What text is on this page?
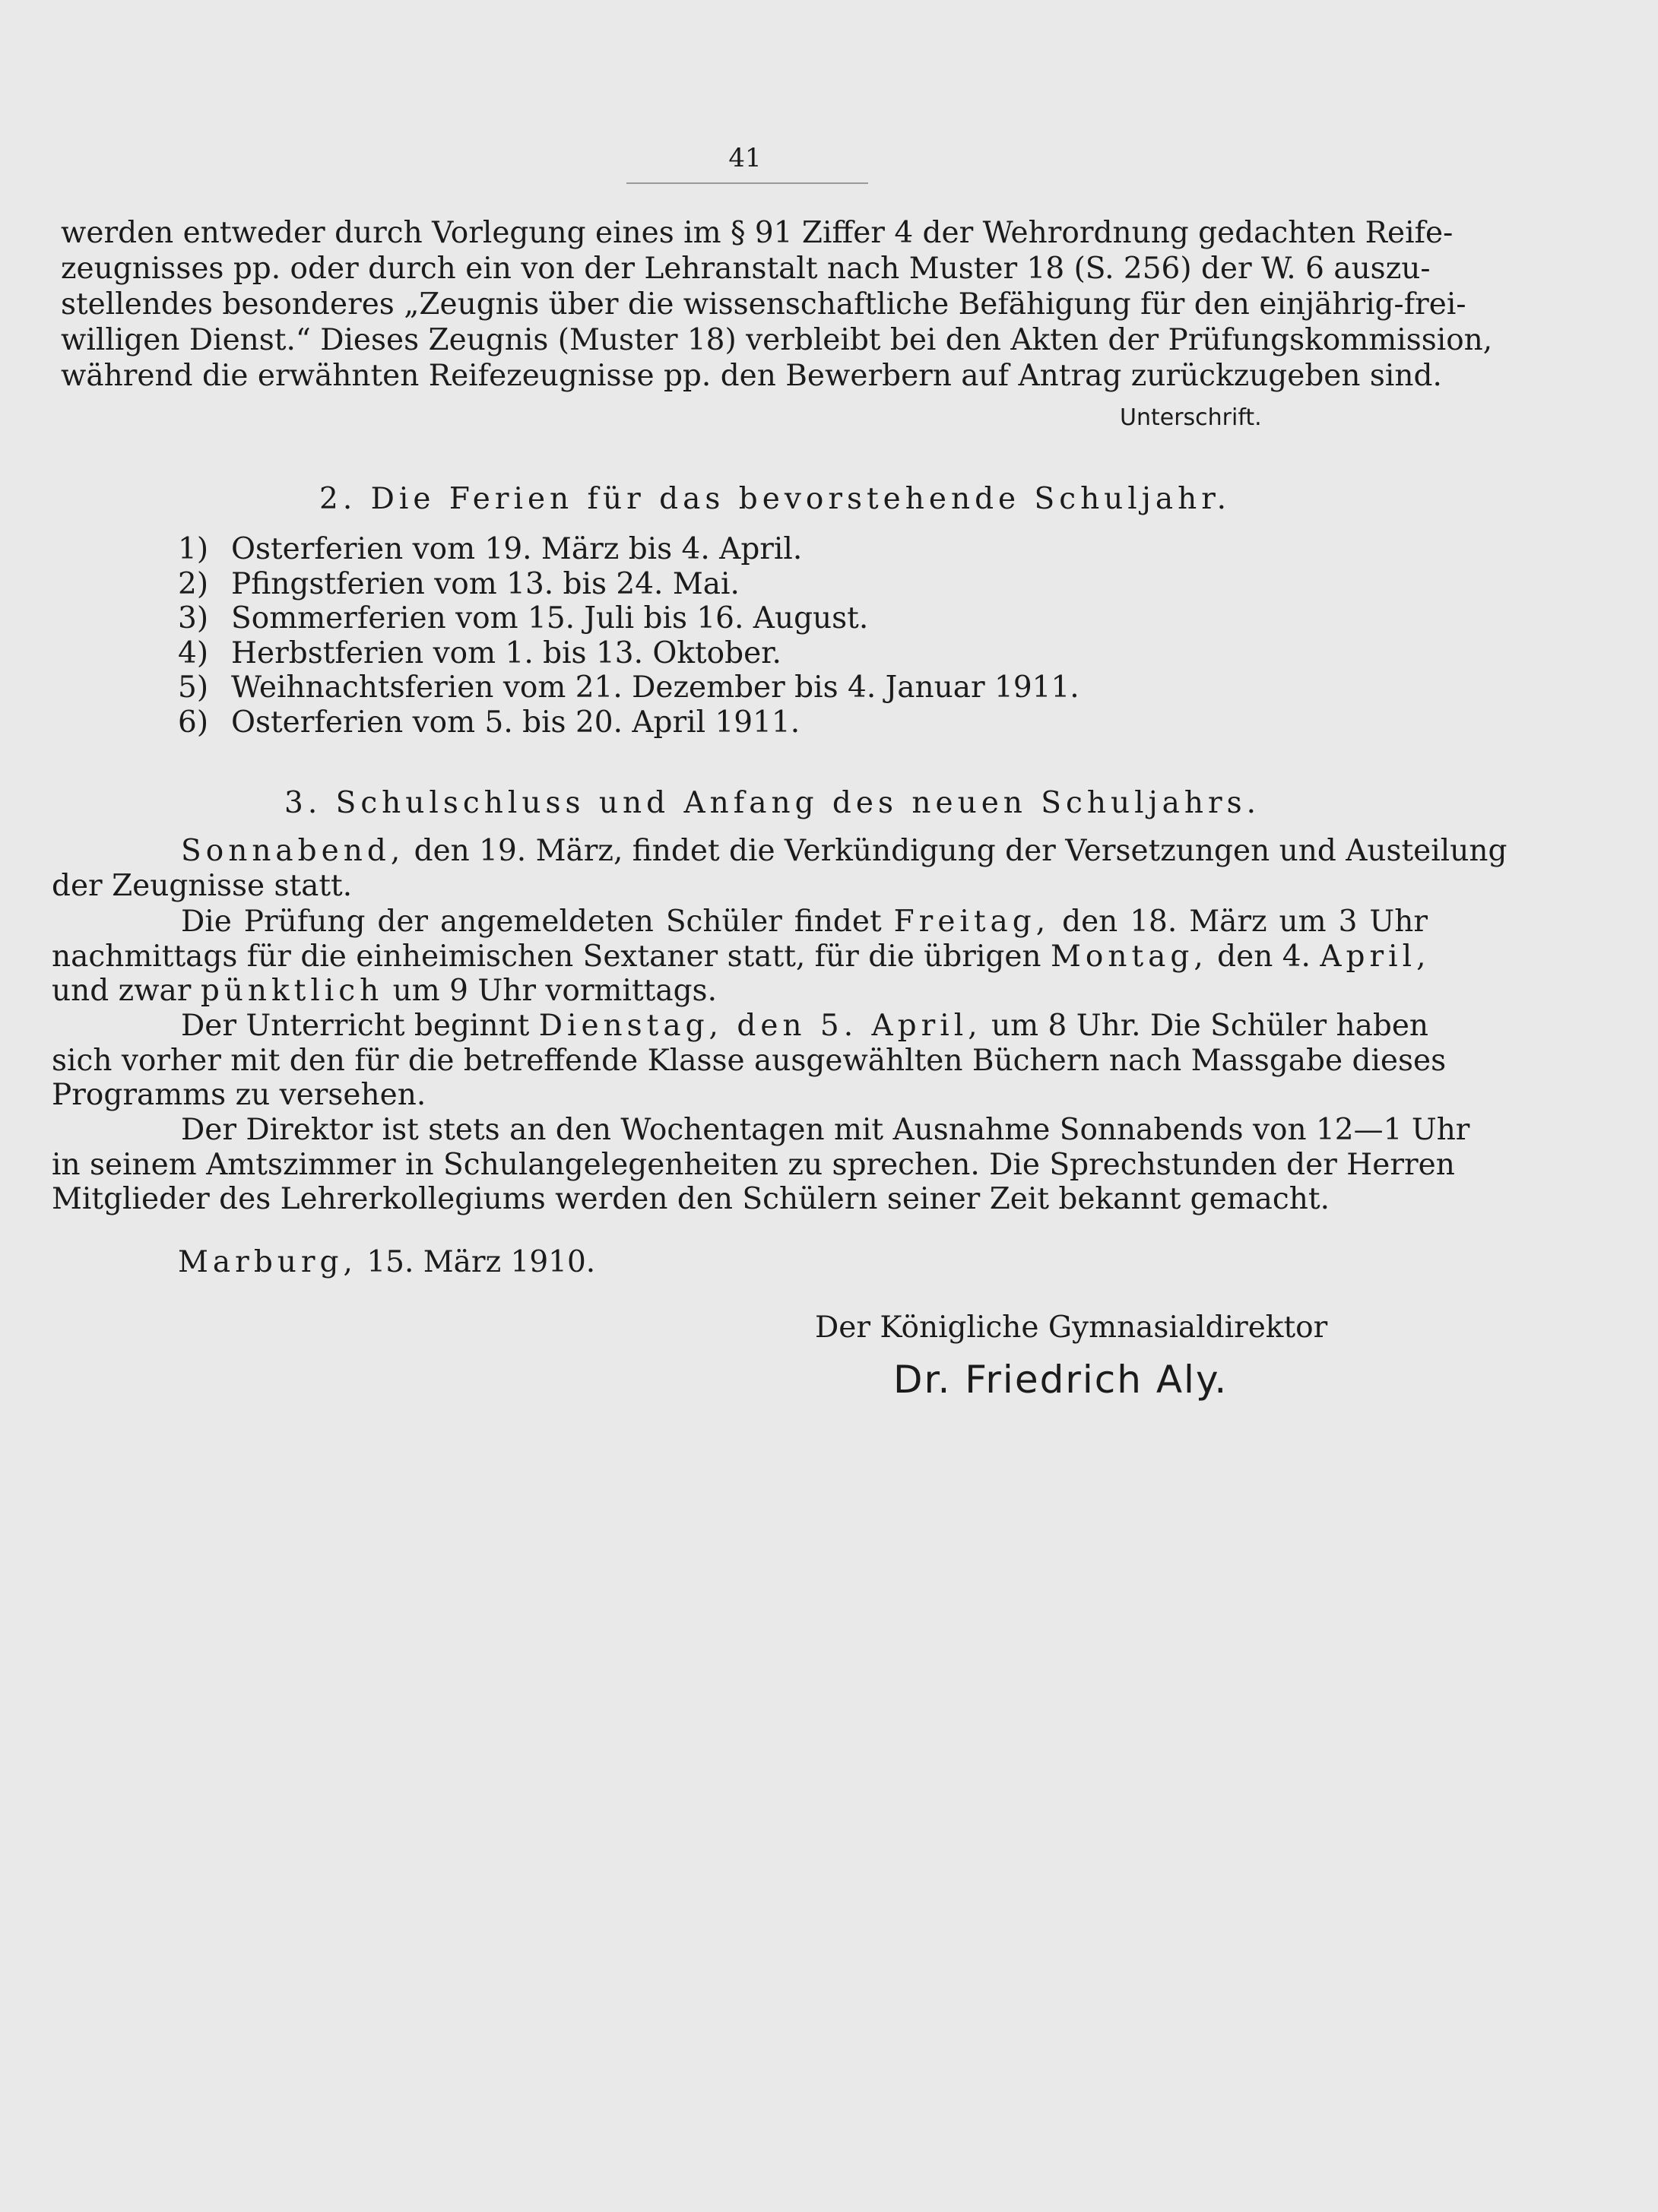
41
werden entweder durch Vorlegung eines im § 91 Ziffer 4 der Wehrordnung gedachten Reife-
zeugnisses pp. oder durch ein von der Lehranstalt nach Muster 18 (S. 256) der W. 6 auszu-
stellendes besonderes „Zeugnis über die wissenschaftliche Befähigung für den einjährig-frei-
willigen Dienst.“ Dieses Zeugnis (Muster 18) verbleibt bei den Akten der Prüfungskommission,
während die erwähnten Reifezeugnisse pp. den Bewerbern auf Antrag zurückzugeben sind.
Unterschrift.
2. Die Ferien für das bevorstehende Schuljahr.
1) Osterferien vom 19. März bis 4. April.
2) Pfingstferien vom 13. bis 24. Mai.
3) Sommerferien vom 15. Juli bis 16. August.
4) Herbstferien vom 1. bis 13. Oktober.
5) Weihnachtsferien vom 21. Dezember bis 4. Januar 1911.
6) Osterferien vom 5. bis 20. April 1911.
3. Schulschluss und Anfang des neuen Schuljahrs.
Sonnabend, den 19. März, findet die Verkündigung der Versetzungen und Austeilung
der Zeugnisse statt.
Die Prüfung der angemeldeten Schüler findet Freitag, den 18. März um 3 Uhr
nachmittags für die einheimischen Sextaner statt, für die übrigen Montag, den 4. April,
und zwar pünktlich um 9 Uhr vormittags.
Der Unterricht beginnt Dienstag, den 5. April, um 8 Uhr. Die Schüler haben
sich vorher mit den für die betreffende Klasse ausgewählten Büchern nach Massgabe dieses
Programms zu versehen.
Der Direktor ist stets an den Wochentagen mit Ausnahme Sonnabends von 12—1 Uhr
in seinem Amtszimmer in Schulangelegenheiten zu sprechen. Die Sprechstunden der Herren
Mitglieder des Lehrerkollegiums werden den Schülern seiner Zeit bekannt gemacht.
Marburg, 15. März 1910.
Der Königliche Gymnasialdirektor
Dr. Friedrich Aly.
